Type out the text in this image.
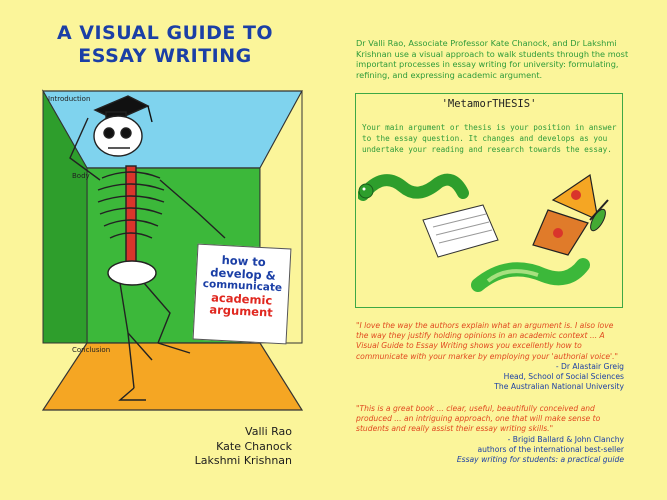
A VISUAL GUIDE TO
ESSAY WRITING
Introduction
Body
Conclusion
how to
develop &
communicate
academic
argument
Valli Rao
Kate Chanock
Lakshmi Krishnan
Dr Valli Rao, Associate Professor Kate Chanock, and Dr Lakshmi Krishnan use a visual approach to walk students through the most important processes in essay writing for university: formulating, refining, and expressing academic argument.
'MetamorTHESIS'
Your main argument or thesis is your position in answer to the essay question. It changes and develops as you undertake your reading and research towards the essay.
"I love the way the authors explain what an argument is. I also love the way they justify holding opinions in an academic context ... A Visual Guide to Essay Writing shows you excellently how to communicate with your marker by employing your 'authorial voice'."
- Dr Alastair Greig
Head, School of Social Sciences
The Australian National University
"This is a great book ... clear, useful, beautifully conceived and produced ... an intriguing approach, one that will make sense to students and really assist their essay writing skills."
- Brigid Ballard & John Clanchy
authors of the international best-seller
Essay writing for students: a practical guide
